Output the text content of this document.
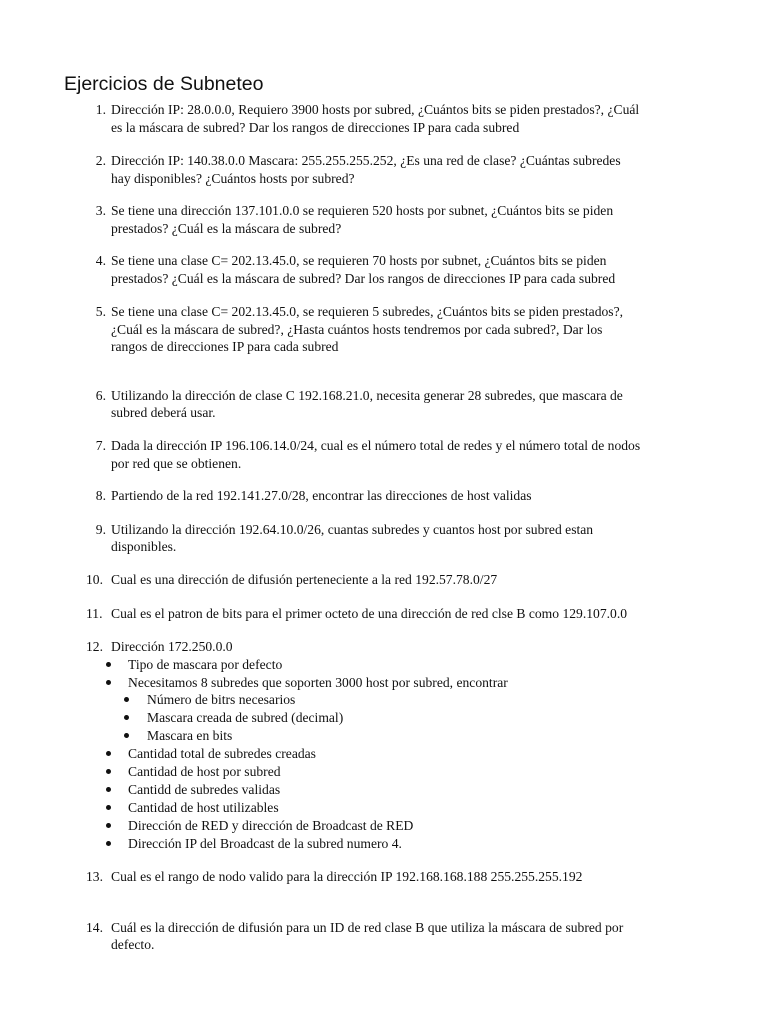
Ejercicios de Subneteo
1. Dirección IP: 28.0.0.0, Requiero 3900 hosts por subred, ¿Cuántos bits se piden prestados?, ¿Cuál
es la máscara de subred? Dar los rangos de direcciones IP para cada subred
2. Dirección IP: 140.38.0.0 Mascara: 255.255.255.252, ¿Es una red de clase? ¿Cuántas subredes
hay disponibles? ¿Cuántos hosts por subred?
3. Se tiene una dirección 137.101.0.0 se requieren 520 hosts por subnet, ¿Cuántos bits se piden
prestados? ¿Cuál es la máscara de subred?
4. Se tiene una clase C= 202.13.45.0, se requieren 70 hosts por subnet, ¿Cuántos bits se piden
prestados? ¿Cuál es la máscara de subred? Dar los rangos de direcciones IP para cada subred
5. Se tiene una clase C= 202.13.45.0, se requieren 5 subredes, ¿Cuántos bits se piden prestados?,
¿Cuál es la máscara de subred?, ¿Hasta cuántos hosts tendremos por cada subred?, Dar los
rangos de direcciones IP para cada subred
6. Utilizando la dirección de clase C 192.168.21.0, necesita generar 28 subredes, que mascara de
subred deberá usar.
7. Dada la dirección IP 196.106.14.0/24, cual es el número total de redes y el número total de nodos
por red que se obtienen.
8. Partiendo de la red 192.141.27.0/28, encontrar las direcciones de host validas
9. Utilizando la dirección 192.64.10.0/26, cuantas subredes y cuantos host por subred estan
disponibles.
10. Cual es una dirección de difusión perteneciente a la red 192.57.78.0/27
11. Cual es el patron de bits para el primer octeto de una dirección de red clse B como 129.107.0.0
12. Dirección 172.250.0.0
Tipo de mascara por defecto
Necesitamos 8 subredes que soporten 3000 host por subred, encontrar
Número de bitrs necesarios
Mascara creada de subred (decimal)
Mascara en bits
Cantidad total de subredes creadas
Cantidad de host por subred
Cantidd de subredes validas
Cantidad de host utilizables
Dirección de RED y dirección de Broadcast de RED
Dirección IP del Broadcast de la subred numero 4.
13. Cual es el rango de nodo valido para la dirección IP 192.168.168.188 255.255.255.192
14. Cuál es la dirección de difusión para un ID de red clase B que utiliza la máscara de subred por
defecto.
